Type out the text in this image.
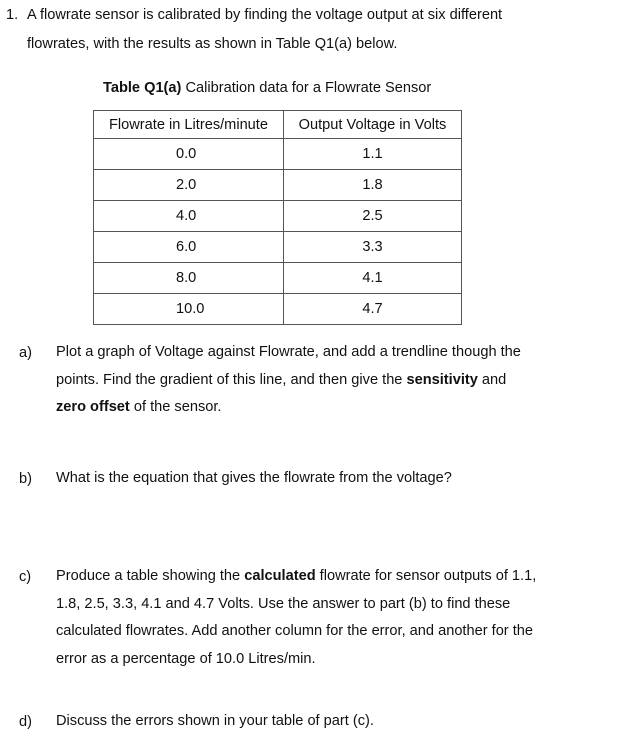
1. A flowrate sensor is calibrated by finding the voltage output at six different
flowrates, with the results as shown in Table Q1(a) below.
Table Q1(a) Calibration data for a Flowrate Sensor
Flowrate in Litres/minute	Output Voltage in Volts
0.0	1.1
2.0	1.8
4.0	2.5
6.0	3.3
8.0	4.1
10.0	4.7
a) Plot a graph of Voltage against Flowrate, and add a trendline though the
points. Find the gradient of this line, and then give the sensitivity and
zero offset of the sensor.
b) What is the equation that gives the flowrate from the voltage?
c) Produce a table showing the calculated flowrate for sensor outputs of 1.1,
1.8, 2.5, 3.3, 4.1 and 4.7 Volts. Use the answer to part (b) to find these
calculated flowrates. Add another column for the error, and another for the
error as a percentage of 10.0 Litres/min.
d) Discuss the errors shown in your table of part (c).
